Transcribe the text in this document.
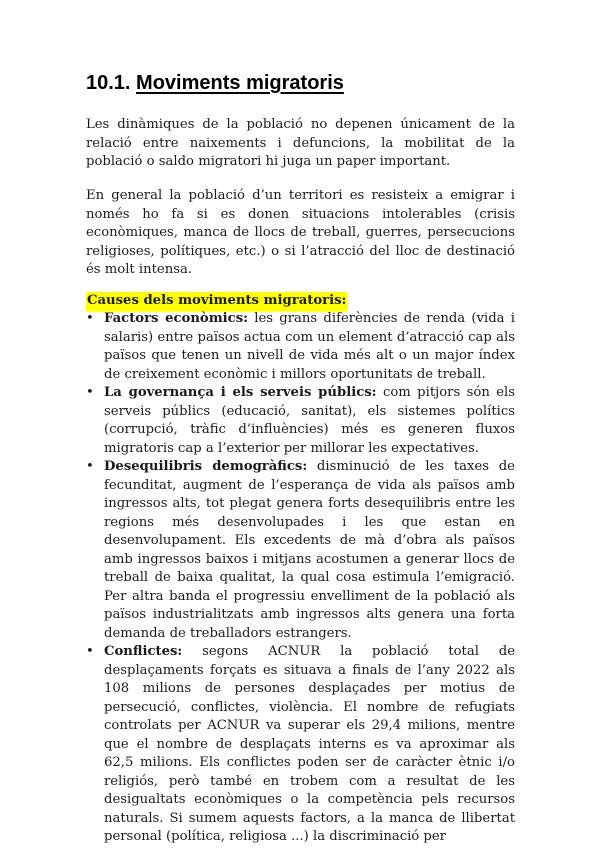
10.1. Moviments migratoris

Les dinàmiques de la població no depenen únicament de la relació entre naixements i defuncions, la mobilitat de la població o saldo migratori hi juga un paper important.

En general la població d’un territori es resisteix a emigrar i només ho fa si es donen situacions intolerables (crisis econòmiques, manca de llocs de treball, guerres, persecucions religioses, polítiques, etc.) o si l’atracció del lloc de destinació és molt intensa.

Causes dels moviments migratoris:

• Factors econòmics: les grans diferències de renda (vida i salaris) entre països actua com un element d’atracció cap als països que tenen un nivell de vida més alt o un major índex de creixement econòmic i millors oportunitats de treball.
• La governança i els serveis públics: com pitjors són els serveis públics (educació, sanitat), els sistemes polítics (corrupció, tràfic d’influències) més es generen fluxos migratoris cap a l’exterior per millorar les expectatives.
• Desequilibris demogràfics: disminució de les taxes de fecunditat, augment de l’esperança de vida als països amb ingressos alts, tot plegat genera forts desequilibris entre les regions més desenvolupades i les que estan en desenvolupament. Els excedents de mà d’obra als països amb ingressos baixos i mitjans acostumen a generar llocs de treball de baixa qualitat, la qual cosa estimula l’emigració. Per altra banda el progressiu envelliment de la població als països industrialitzats amb ingressos alts genera una forta demanda de treballadors estrangers.
• Conflictes: segons ACNUR la població total de desplaçaments forçats es situava a finals de l’any 2022 als 108 milions de persones desplaçades per motius de persecució, conflictes, violència. El nombre de refugiats controlats per ACNUR va superar els 29,4 milions, mentre que el nombre de desplaçats interns es va aproximar als 62,5 milions. Els conflictes poden ser de caràcter ètnic i/o religiós, però també en trobem com a resultat de les desigualtats econòmiques o la competència pels recursos naturals. Si sumem aquests factors, a la manca de llibertat personal (política, religiosa ...) la discriminació per
